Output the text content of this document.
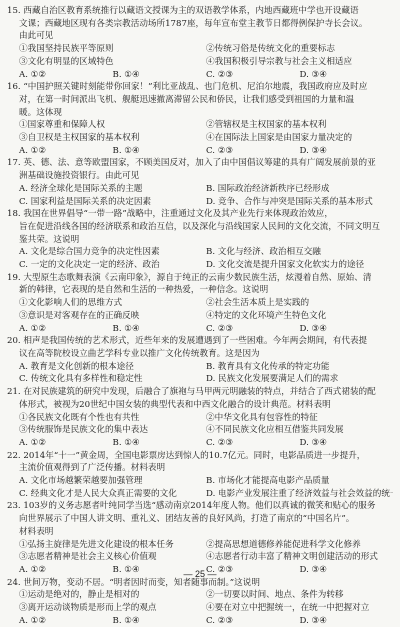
15. 西藏自治区教育系统推行以藏语文授课为主的双语教学体系，内地西藏班中学也开设藏语
文课；西藏地区现有各类宗教活动场所1787座，每年宣布堂主教节日都得例保护寺长会议。
由此可见
①我国坚持民族平等原则	②传统习俗是传统文化的重要标志
③文化有明显的区域特色	④我国积极引导宗教与社会主义相适应
A. ①②	B. ①④	C. ②③	D. ③④
16. “中国护照关键时刻能带你回家！”利比亚战乱、也门危机、尼泊尔地震，我国政府应及时应
对，在第一时间派出飞机、舰艇迅速撤离滞留公民和侨民，让我们感受到祖国的力量和温
暖。这体现
①国家尊重和保障人权	②管辖权是主权国家的基本权利
③自卫权是主权国家的基本权利	④在国际法上国家是由国家力量决定的
A. ①②	B. ①④	C. ②③	D. ③④
17. 英、德、法、意等欧盟国家，不顾美国反对，加入了由中国倡议筹建的具有广阔发展前景的亚
洲基础设施投资银行。由此可见
A. 经济全球化是国际关系的主题	B. 国际政治经济新秩序已经形成
C. 国家利益是国际关系的决定因素	D. 竞争、合作与冲突是国际关系的基本形式
18. 我国在世界倡导“一带一路”战略中，注重通过文化及其产业先行来体现政治效应，
旨在促进沿线各国的经济联系和政治互信，以及深化与沿线国家人民间的文化交流，不同文明互
鉴共荣。这说明
A. 文化是综合国力竞争的决定性因素	B. 文化与经济、政治相互交融
C. 一定的文化决定一定的经济、政治	D. 文化交流是提升国家文化软实力的途径
19. 大型原生态歌舞表演《云南印象》，源自于纯正的云南少数民族生活，炫漫着自然、原始、清
新的韩律，它表现的是自然和生活的一种热爱，一种信念。这说明
①文化影响人们的思维方式	②社会生活本质上是实践的
③意识是对客观存在的正确反映	④特定的文化环境产生特色文化
A. ①②	B. ①④	C. ②③	D. ③④
20. 相声是我国传统的艺术形式，近些年来的发展遭遇到了一些困难。今年两会期间，有代表提
议在高等院校设立曲艺学科专业以推广文化传统教育。这是因为
A. 教育是文化创新的根本途径	B. 教育具有文化传承的特定功能
C. 传统文化具有多样性和稳定性	D. 民族文化发展要满足人们的需求
21. 在对民族建筑的研究中发现，后融合了旗袍与马甲两元明融装的特点，并结合了西式裙装的配
体形式，被视为20世纪中国女装的典型代表和中西文化融合的设计典范。材料表明
①各民族文化既有个性也有共性	②中华文化具有包容性的特征
③传统服饰是民族文化的集中表达	④不同民族文化应相互借鉴共同发展
A. ①②	B. ①④	C. ②③	D. ③④
22. 2014年“十一”黄金周，全国电影票房达到惊人的10.7亿元。同时，电影品质进一步提升，
主流价值观得到了广泛传播。材料表明
A. 文化市场越繁荣越要加强管理	B. 市场化才能提高电影产品质量
C. 经典文化才是人民大众真正需要的文化	D. 电影产业发展注重了经济效益与社会效益的统一
23. 103岁的义务志愿者叶纯同学当选“感动南京2014年度人物。他们以真诚的微笑和贴心的服务
向世界展示了中国人讲文明、重礼义、团结友善的良好风尚，打造了南京的“中国名片”。
材料表明
①弘扬主旋律是先进文化建设的根本任务	②提高思想道德修养能促进科学文化修养
③志愿者精神是社会主义核心价值观	④志愿者行动丰富了精神文明创建活动的形式
A. ①②	B. ①④	C. ②③	D. ③④
24. 世间万物，变动不居。“明者因时而变，知者随事而制。”这说明
①运动是绝对的，静止是相对的	②一切要以时间、地点、条件为转移
③离开运动谈物质是形而上学的观点	④要在对立中把握统一，在统一中把握对立
A. ①②	B. ①④	C. ②③	D. ③④
— 25 —
